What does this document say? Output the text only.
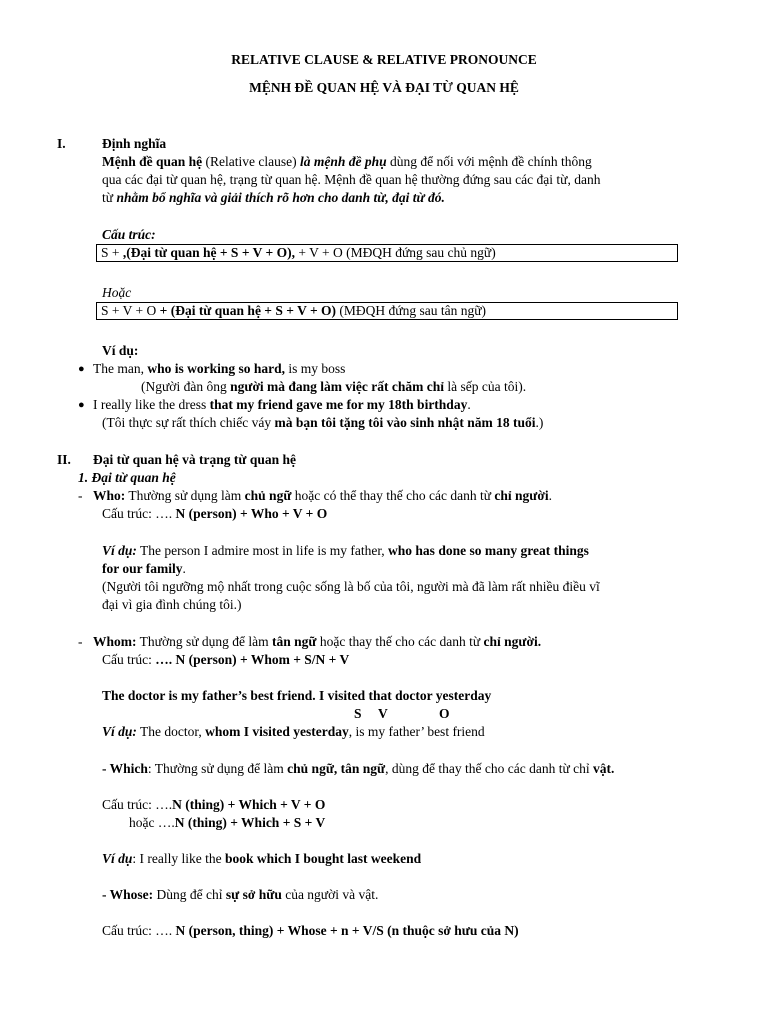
RELATIVE CLAUSE & RELATIVE PRONOUNCE
MỆNH ĐỀ QUAN HỆ VÀ ĐẠI TỪ QUAN HỆ
I.	Định nghĩa
Mệnh đề quan hệ (Relative clause) là mệnh đề phụ dùng để nối với mệnh đề chính thông
qua các đại từ quan hệ, trạng từ quan hệ. Mệnh đề quan hệ thường đứng sau các đại từ, danh
từ nhằm bổ nghĩa và giải thích rõ hơn cho danh từ, đại từ đó.
Cấu trúc:
S + ,(Đại từ quan hệ + S + V + O), + V + O (MĐQH đứng sau chủ ngữ)
Hoặc
S + V + O + (Đại từ quan hệ + S + V + O) (MĐQH đứng sau tân ngữ)
Ví dụ:
● The man, who is working so hard, is my boss
(Người đàn ông người mà đang làm việc rất chăm chỉ là sếp của tôi).
● I really like the dress that my friend gave me for my 18th birthday.
(Tôi thực sự rất thích chiếc váy mà bạn tôi tặng tôi vào sinh nhật năm 18 tuổi.)
II. Đại từ quan hệ và trạng từ quan hệ
1. Đại từ quan hệ
- Who: Thường sử dụng làm chủ ngữ hoặc có thể thay thế cho các danh từ chỉ người.
Cấu trúc: …. N (person) + Who + V + O
Ví dụ: The person I admire most in life is my father, who has done so many great things
for our family.
(Người tôi ngưỡng mộ nhất trong cuộc sống là bố của tôi, người mà đã làm rất nhiều điều vĩ
đại vì gia đình chúng tôi.)
- Whom: Thường sử dụng để làm tân ngữ hoặc thay thế cho các danh từ chỉ người.
Cấu trúc: …. N (person) + Whom + S/N + V
The doctor is my father’s best friend. I visited that doctor yesterday
S V	O
Ví dụ: The doctor, whom I visited yesterday, is my father’ best friend
- Which: Thường sử dụng để làm chủ ngữ, tân ngữ, dùng để thay thế cho các danh từ chỉ vật.
Cấu trúc: ….N (thing) + Which + V + O
hoặc ….N (thing) + Which + S + V
Ví dụ: I really like the book which I bought last weekend
- Whose: Dùng để chỉ sự sở hữu của người và vật.
Cấu trúc: …. N (person, thing) + Whose + n + V/S (n thuộc sở hưu của N)
